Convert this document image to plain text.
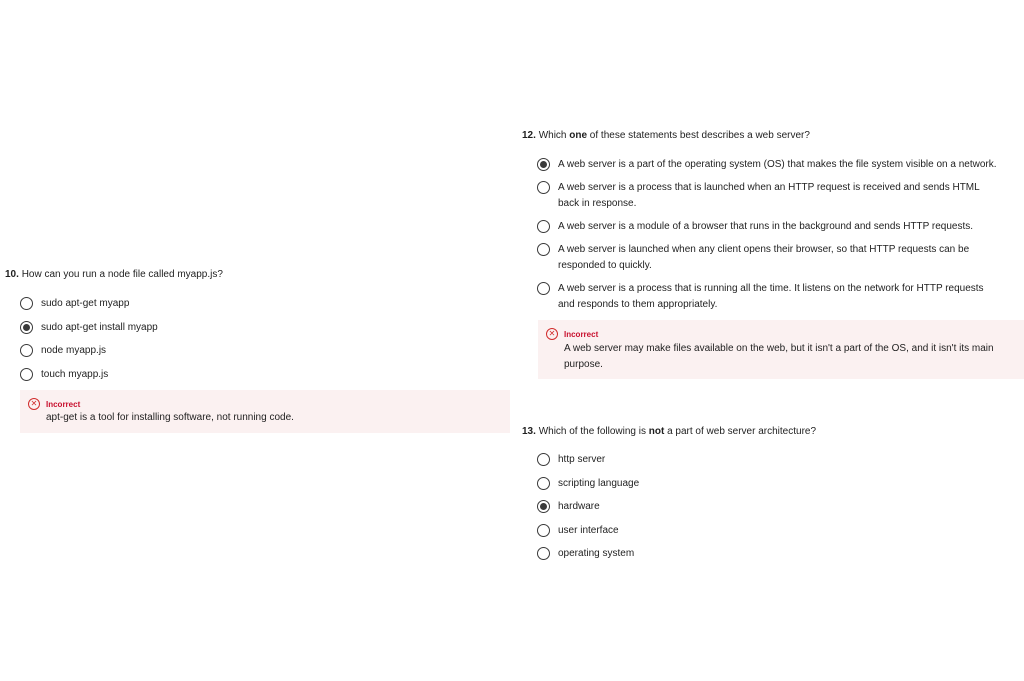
10. How can you run a node file called myapp.js?
sudo apt-get myapp
sudo apt-get install myapp
node myapp.js
touch myapp.js
✕	Incorrect
apt-get is a tool for installing software, not running code.
12. Which one of these statements best describes a web server?
A web server is a part of the operating system (OS) that makes the file system visible on a network.
A web server is a process that is launched when an HTTP request is received and sends HTML back in response.
A web server is a module of a browser that runs in the background and sends HTTP requests.
A web server is launched when any client opens their browser, so that HTTP requests can be responded to quickly.
A web server is a process that is running all the time. It listens on the network for HTTP requests and responds to them appropriately.
✕	Incorrect
A web server may make files available on the web, but it isn't a part of the OS, and it isn't its main purpose.
13. Which of the following is not a part of web server architecture?
http server
scripting language
hardware
user interface
operating system
